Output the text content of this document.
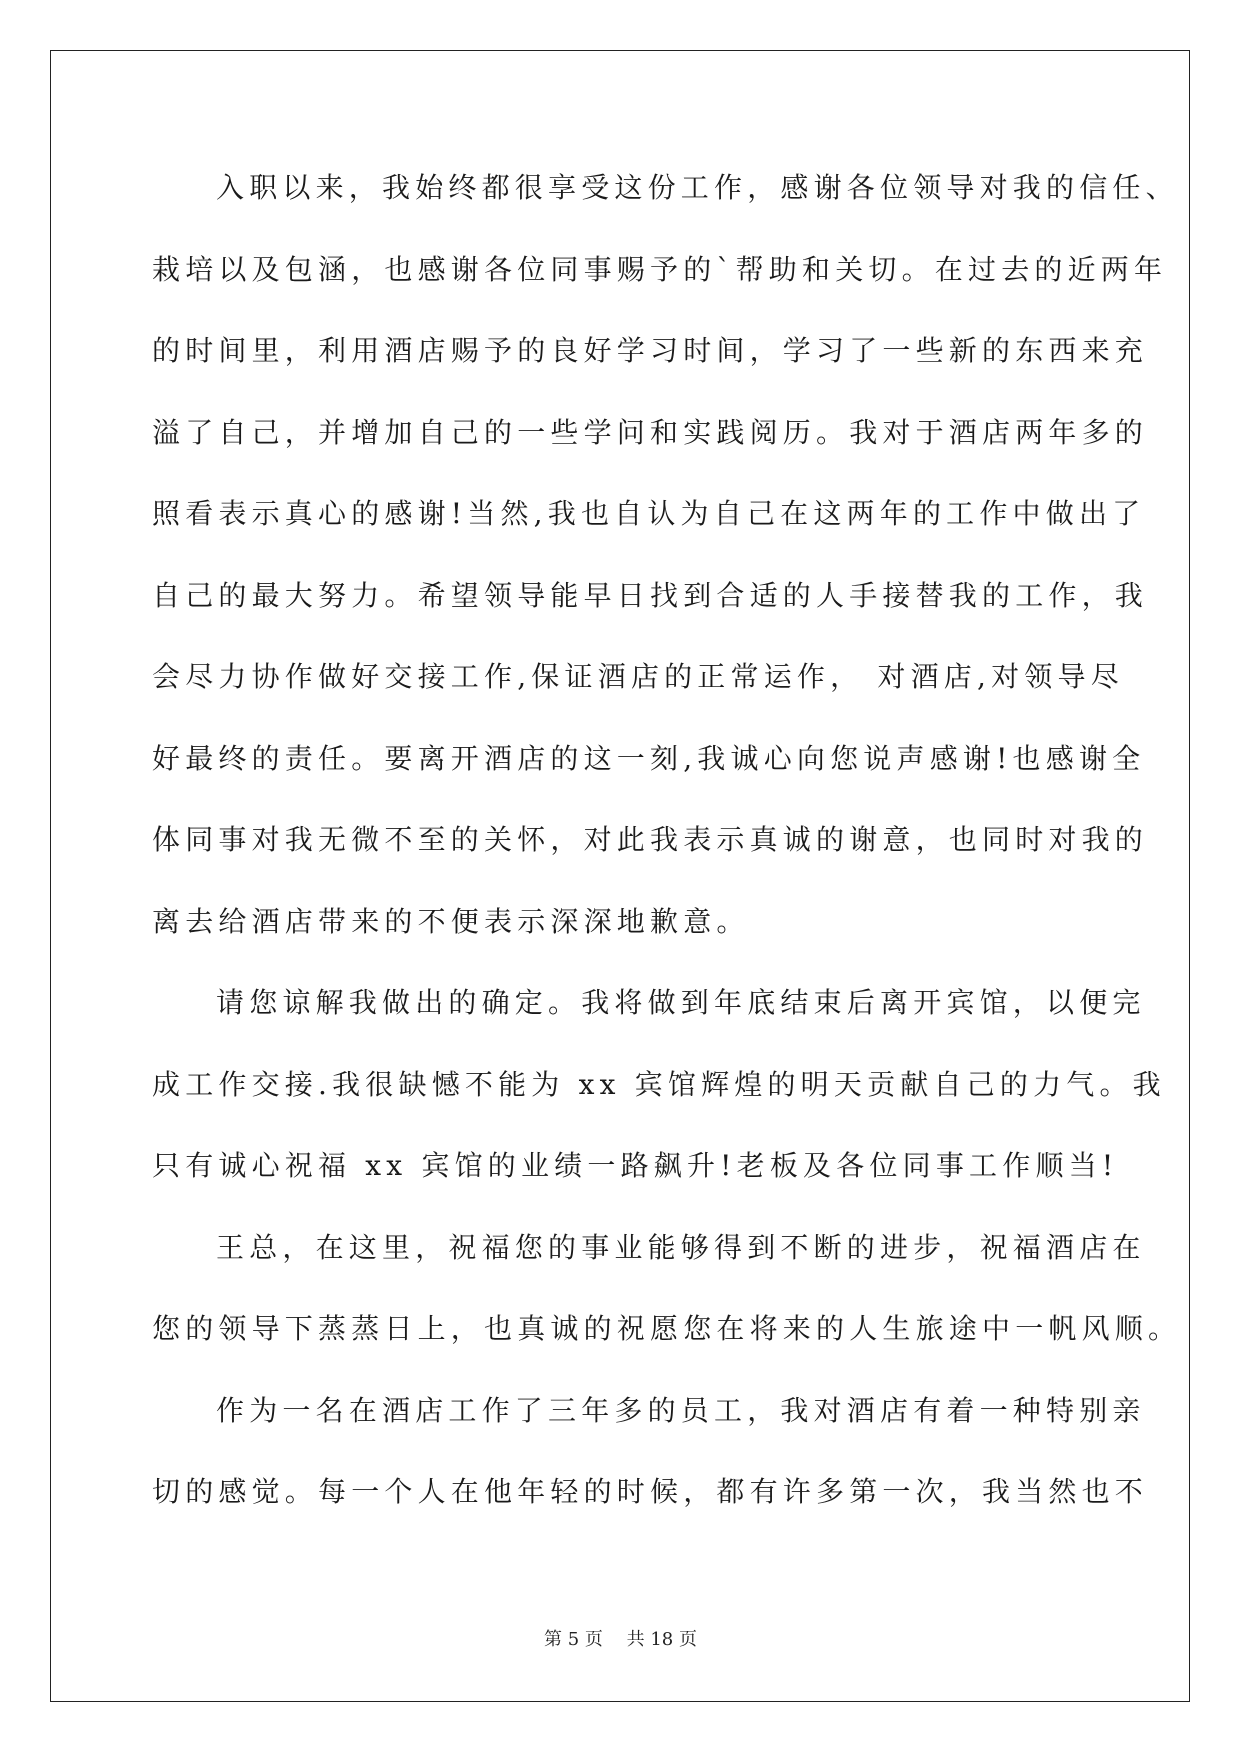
入职以来，我始终都很享受这份工作，感谢各位领导对我的信任、
栽培以及包涵，也感谢各位同事赐予的`帮助和关切。在过去的近两年
的时间里，利用酒店赐予的良好学习时间，学习了一些新的东西来充
溢了自己，并增加自己的一些学问和实践阅历。我对于酒店两年多的
照看表示真心的感谢!当然,我也自认为自己在这两年的工作中做出了
自己的最大努力。希望领导能早日找到合适的人手接替我的工作，我
会尽力协作做好交接工作,保证酒店的正常运作， 对酒店,对领导尽
好最终的责任。要离开酒店的这一刻,我诚心向您说声感谢!也感谢全
体同事对我无微不至的关怀，对此我表示真诚的谢意，也同时对我的
离去给酒店带来的不便表示深深地歉意。
请您谅解我做出的确定。我将做到年底结束后离开宾馆，以便完
成工作交接.我很缺憾不能为 xx 宾馆辉煌的明天贡献自己的力气。我
只有诚心祝福 xx 宾馆的业绩一路飙升!老板及各位同事工作顺当!
王总，在这里，祝福您的事业能够得到不断的进步，祝福酒店在
您的领导下蒸蒸日上，也真诚的祝愿您在将来的人生旅途中一帆风顺。
作为一名在酒店工作了三年多的员工，我对酒店有着一种特别亲
切的感觉。每一个人在他年轻的时候，都有许多第一次，我当然也不
第 5 页　 共 18 页
